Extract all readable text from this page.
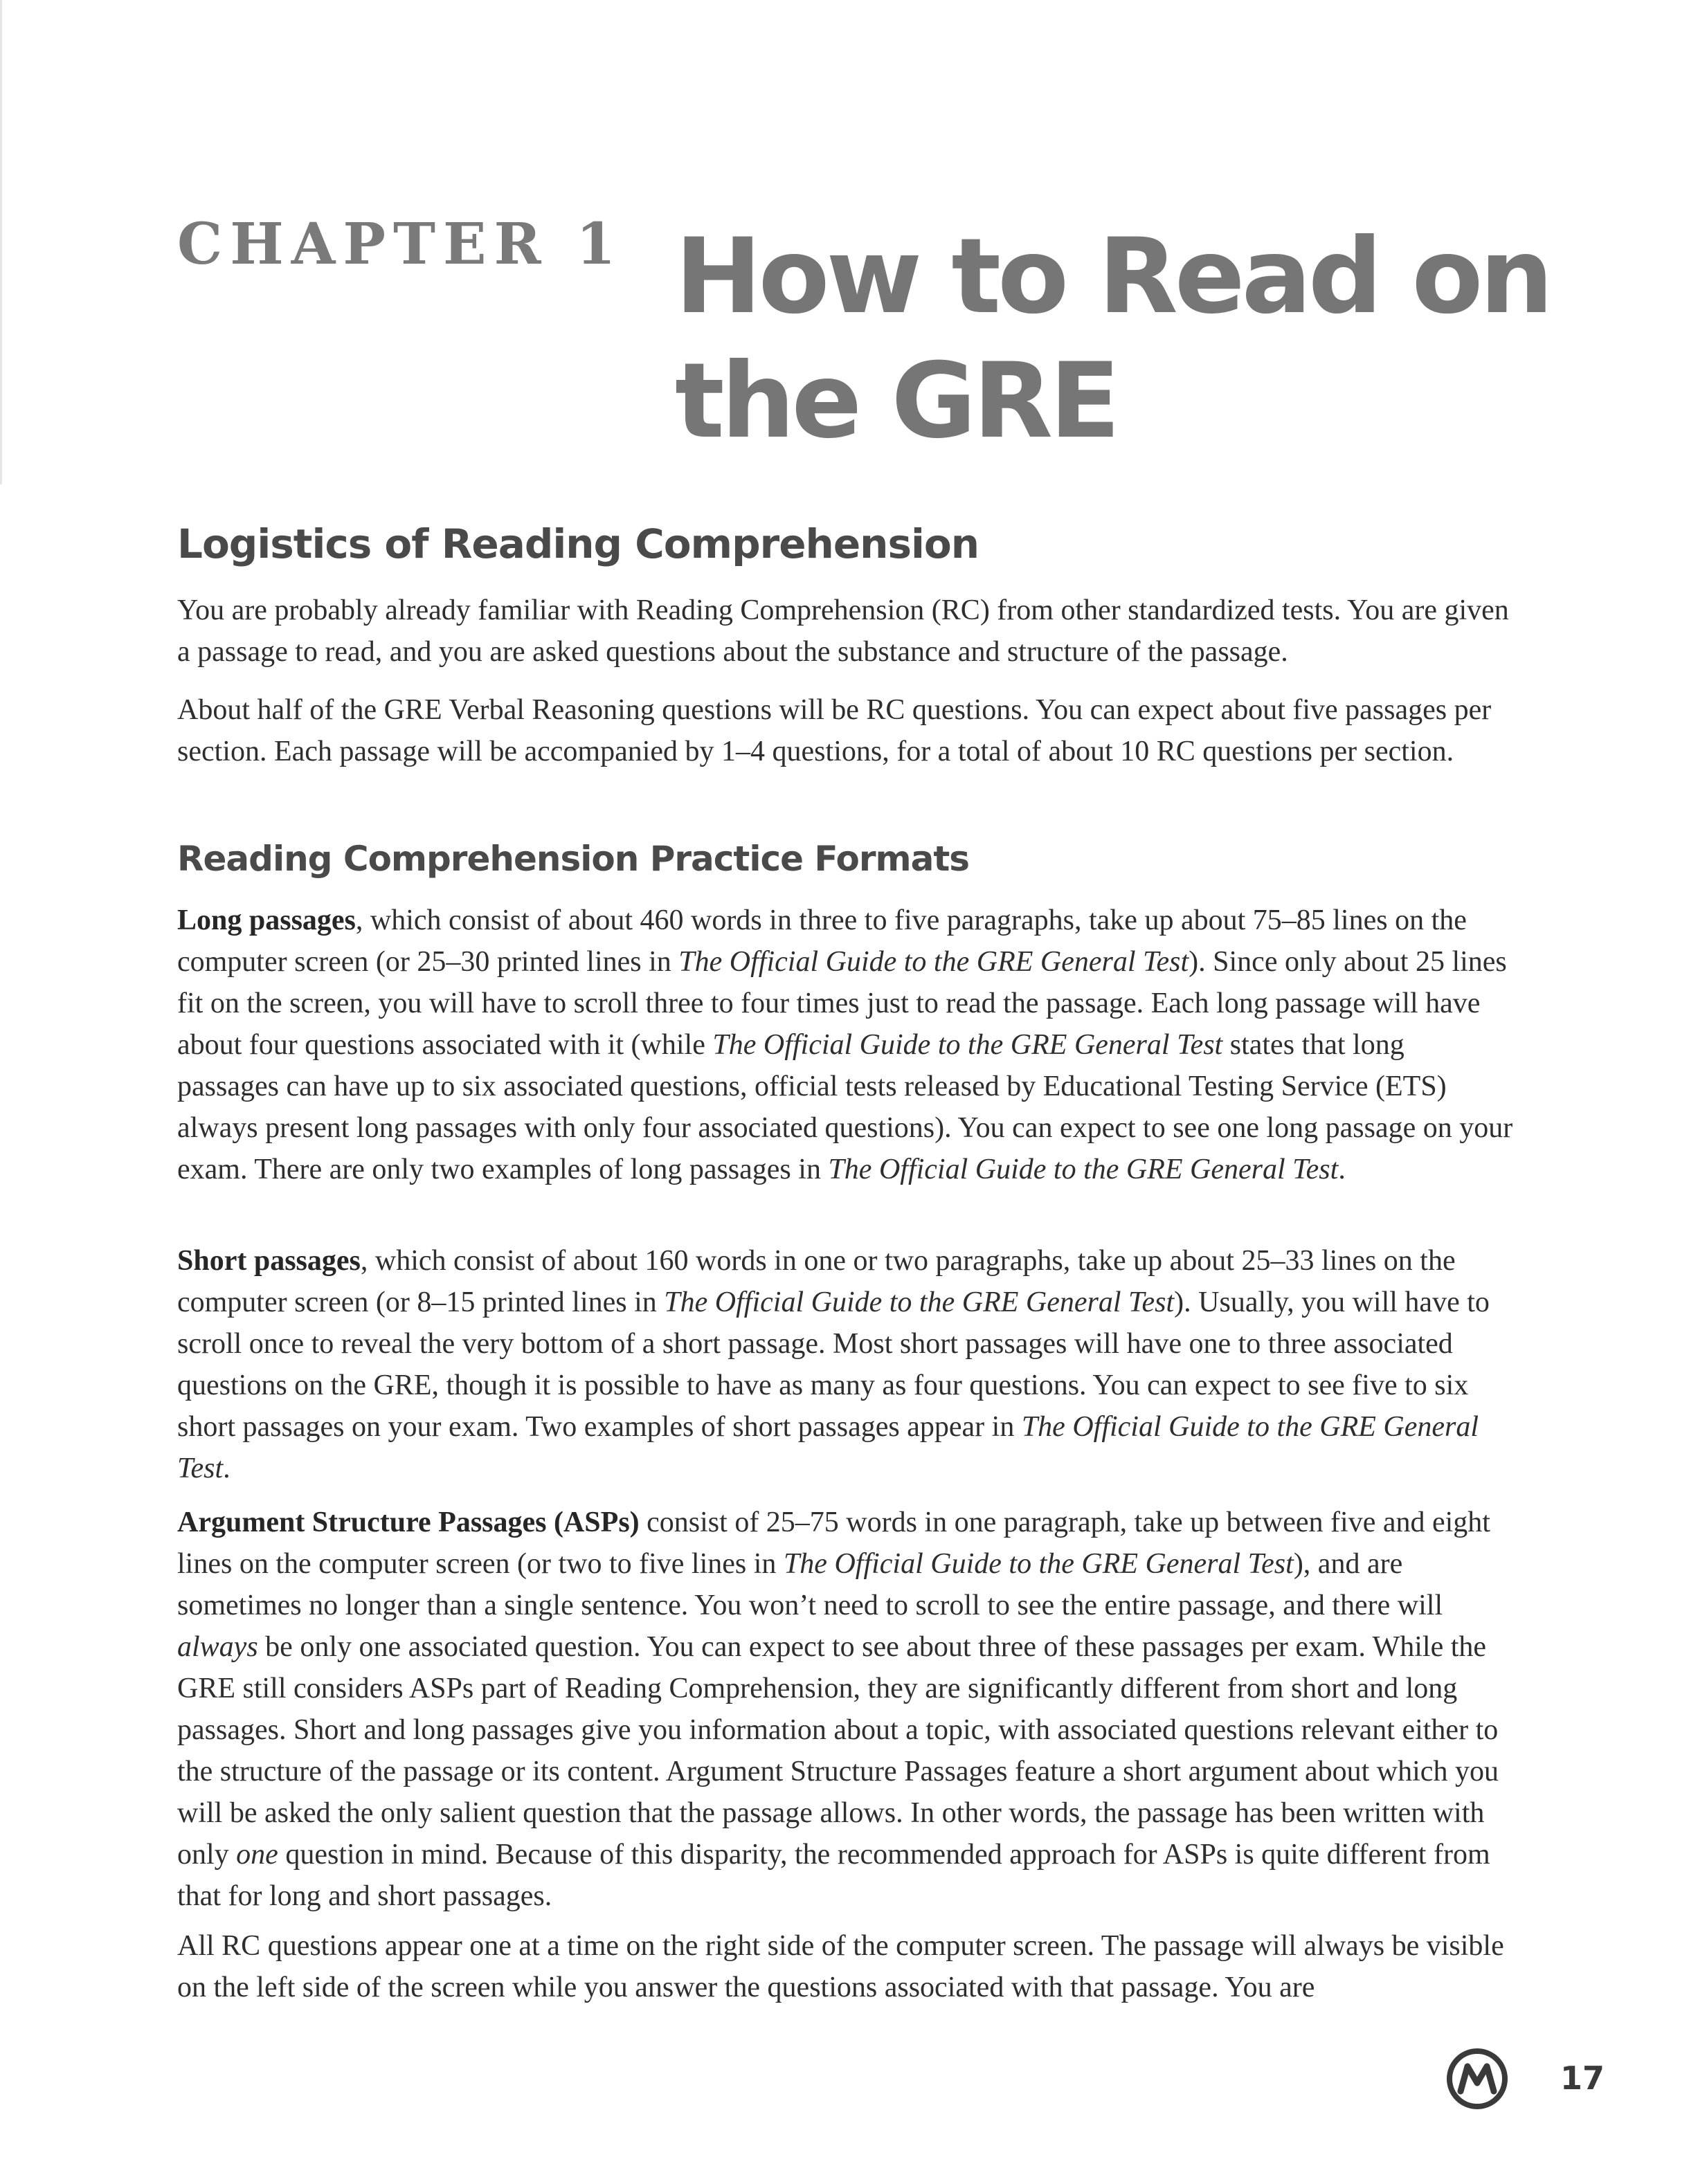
CHAPTER 1 How to Read on
the GRE
Logistics of Reading Comprehension

You are probably already familiar with Reading Comprehension (RC) from other standardized tests. You are given a passage to read, and you are asked questions about the substance and structure of the passage.

About half of the GRE Verbal Reasoning questions will be RC questions. You can expect about five passages per section. Each passage will be accompanied by 1–4 questions, for a total of about 10 RC questions per section.

Reading Comprehension Practice Formats

Long passages, which consist of about 460 words in three to five paragraphs, take up about 75–85 lines on the computer screen (or 25–30 printed lines in The Official Guide to the GRE General Test). Since only about 25 lines fit on the screen, you will have to scroll three to four times just to read the passage. Each long passage will have about four questions associated with it (while The Official Guide to the GRE General Test states that long passages can have up to six associated questions, official tests released by Educational Testing Service (ETS) always present long passages with only four associated questions). You can expect to see one long passage on your exam. There are only two examples of long passages in The Official Guide to the GRE General Test.

Short passages, which consist of about 160 words in one or two paragraphs, take up about 25–33 lines on the computer screen (or 8–15 printed lines in The Official Guide to the GRE General Test). Usually, you will have to scroll once to reveal the very bottom of a short passage. Most short passages will have one to three associated questions on the GRE, though it is possible to have as many as four questions. You can expect to see five to six short passages on your exam. Two examples of short passages appear in The Official Guide to the GRE General Test.

Argument Structure Passages (ASPs) consist of 25–75 words in one paragraph, take up between five and eight lines on the computer screen (or two to five lines in The Official Guide to the GRE General Test), and are sometimes no longer than a single sentence. You won’t need to scroll to see the entire passage, and there will always be only one associated question. You can expect to see about three of these passages per exam. While the GRE still considers ASPs part of Reading Comprehension, they are significantly different from short and long passages. Short and long passages give you information about a topic, with associated questions relevant either to the structure of the passage or its content. Argument Structure Passages feature a short argument about which you will be asked the only salient question that the passage allows. In other words, the passage has been written with only one question in mind. Because of this disparity, the recommended approach for ASPs is quite different from that for long and short passages.

All RC questions appear one at a time on the right side of the computer screen. The passage will always be visible on the left side of the screen while you answer the questions associated with that passage. You are

17
